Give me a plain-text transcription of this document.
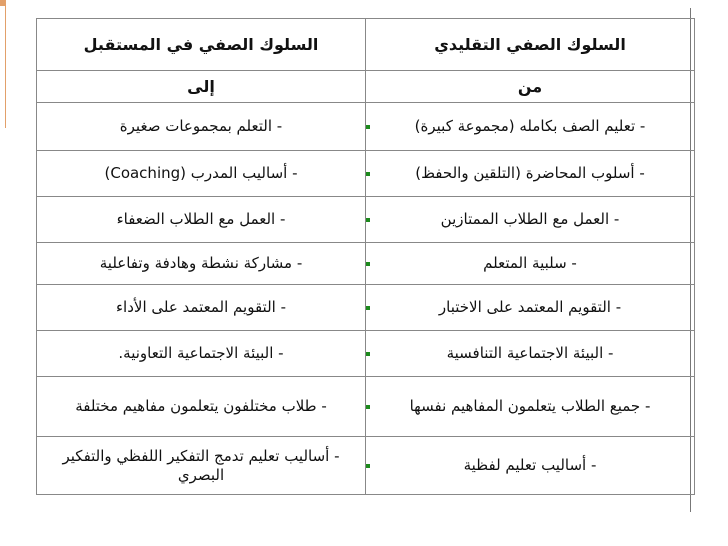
السلوك الصفي في المستقبل	السلوك الصفي التقليدي
إلى	من
- التعلم بمجموعات صغيرة	- تعليم الصف بكامله (مجموعة كبيرة)
- أساليب المدرب (Coaching)	- أسلوب المحاضرة (التلقين والحفظ)
- العمل مع الطلاب الضعفاء	- العمل مع الطلاب الممتازين
- مشاركة نشطة وهادفة وتفاعلية	- سلبية المتعلم
- التقويم المعتمد على الأداء	- التقويم المعتمد على الاختبار
- البيئة الاجتماعية التعاونية.	- البيئة الاجتماعية التنافسية
- طلاب مختلفون يتعلمون مفاهيم مختلفة	- جميع الطلاب يتعلمون المفاهيم نفسها
- أساليب تعليم تدمج التفكير اللفظي والتفكير البصري	- أساليب تعليم لفظية
